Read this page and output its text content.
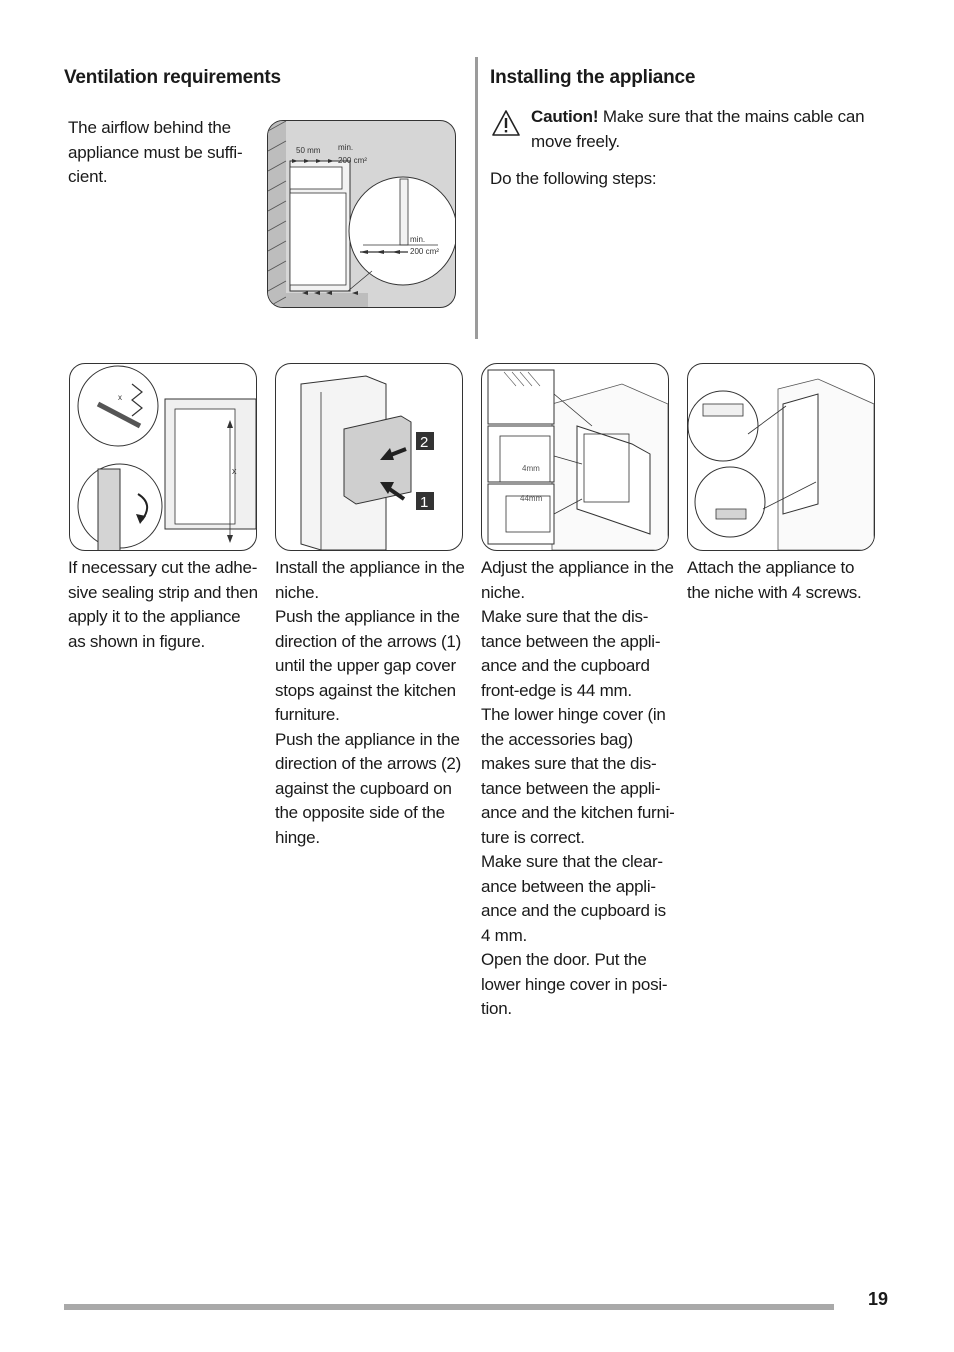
Ventilation requirements
The airflow behind the
appliance must be suffi-
cient.
50 mm min.
200 cm²
min.
200 cm²
Installing the appliance
Caution! Make sure that the mains cable can
move freely.
Do the following steps:
x
x
2
1
4mm
44mm
If necessary cut the adhe-
sive sealing strip and then
apply it to the appliance
as shown in figure.
Install the appliance in the
niche.
Push the appliance in the
direction of the arrows (1)
until the upper gap cover
stops against the kitchen
furniture.
Push the appliance in the
direction of the arrows (2)
against the cupboard on
the opposite side of the
hinge.
Adjust the appliance in the
niche.
Make sure that the dis-
tance between the appli-
ance and the cupboard
front-edge is 44 mm.
The lower hinge cover (in
the accessories bag)
makes sure that the dis-
tance between the appli-
ance and the kitchen furni-
ture is correct.
Make sure that the clear-
ance between the appli-
ance and the cupboard is
4 mm.
Open the door. Put the
lower hinge cover in posi-
tion.
Attach the appliance to
the niche with 4 screws.
19
